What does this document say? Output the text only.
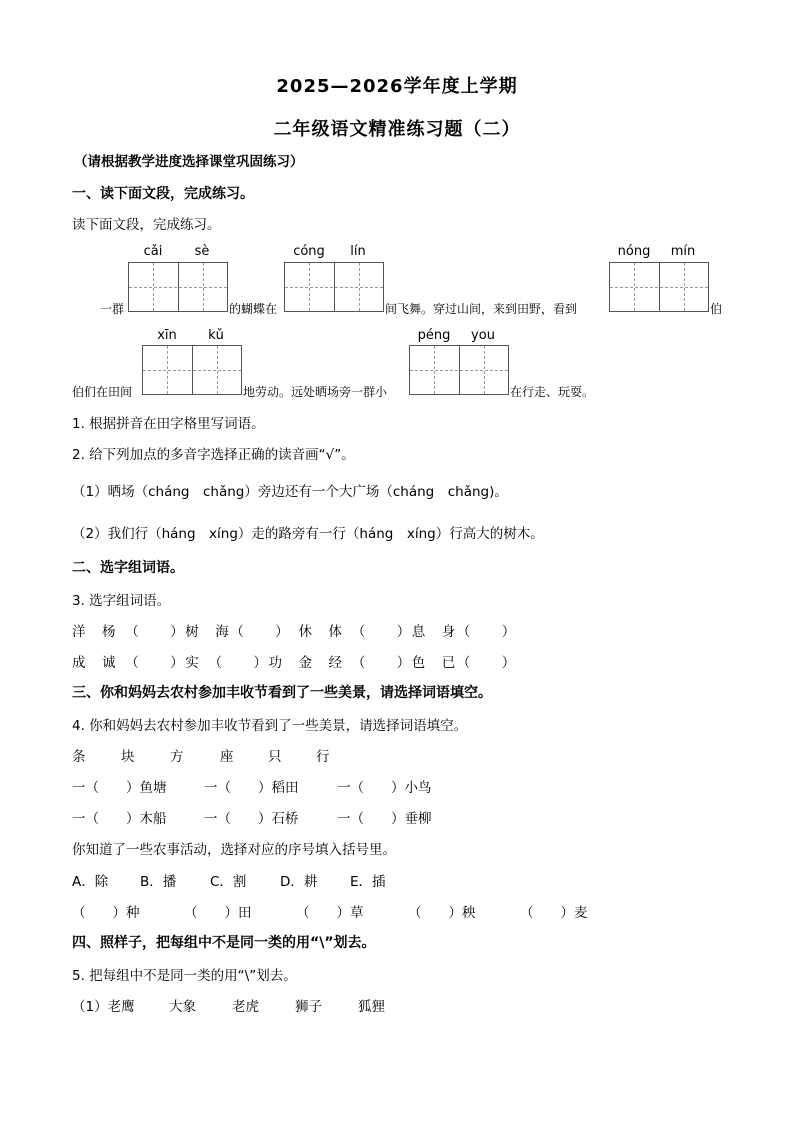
2025—2026学年度上学期
二年级语文精准练习题（二）
（请根据教学进度选择课堂巩固练习）
一、读下面文段，完成练习。
读下面文段，完成练习。
cǎi	sè	cóng	lín	nóng	mín
一群	的蝴蝶在	间飞舞。穿过山间，来到田野，看到	伯
xīn	kǔ	péng	you
伯们在田间	地劳动。远处晒场旁一群小	在行走、玩耍。
1. 根据拼音在田字格里写词语。
2. 给下列加点的多音字选择正确的读音画“√”。
（1）晒场（cháng　chǎng）旁边还有一个大广场（cháng　chǎng)。
（2）我们行（háng　xíng）走的路旁有一行（háng　xíng）行高大的树木。
二、选字组词语。
3. 选字组词语。
洋　杨　（　　）树　海（　　）　休　体　（　　）息　身（　　）
成　诚　（　　）实　（　　）功　金　经　（　　）色　已（　　）
三、你和妈妈去农村参加丰收节看到了一些美景，请选择词语填空。
4. 你和妈妈去农村参加丰收节看到了一些美景，请选择词语填空。
条	块	方	座	只	行
一（　　）鱼塘	一（　　）稻田	一（　　）小鸟
一（　　）木船	一（　　）石桥	一（　　）垂柳
你知道了一些农事活动，选择对应的序号填入括号里。
A．除 B．播 C．割 D．耕 E．插
（　　）种	（　　）田	（　　）草	（　　）秧	（　　）麦
四、照样子，把每组中不是同一类的用“\”划去。
5. 把每组中不是同一类的用“\”划去。
（1）老鹰	大象	老虎	狮子	狐狸
